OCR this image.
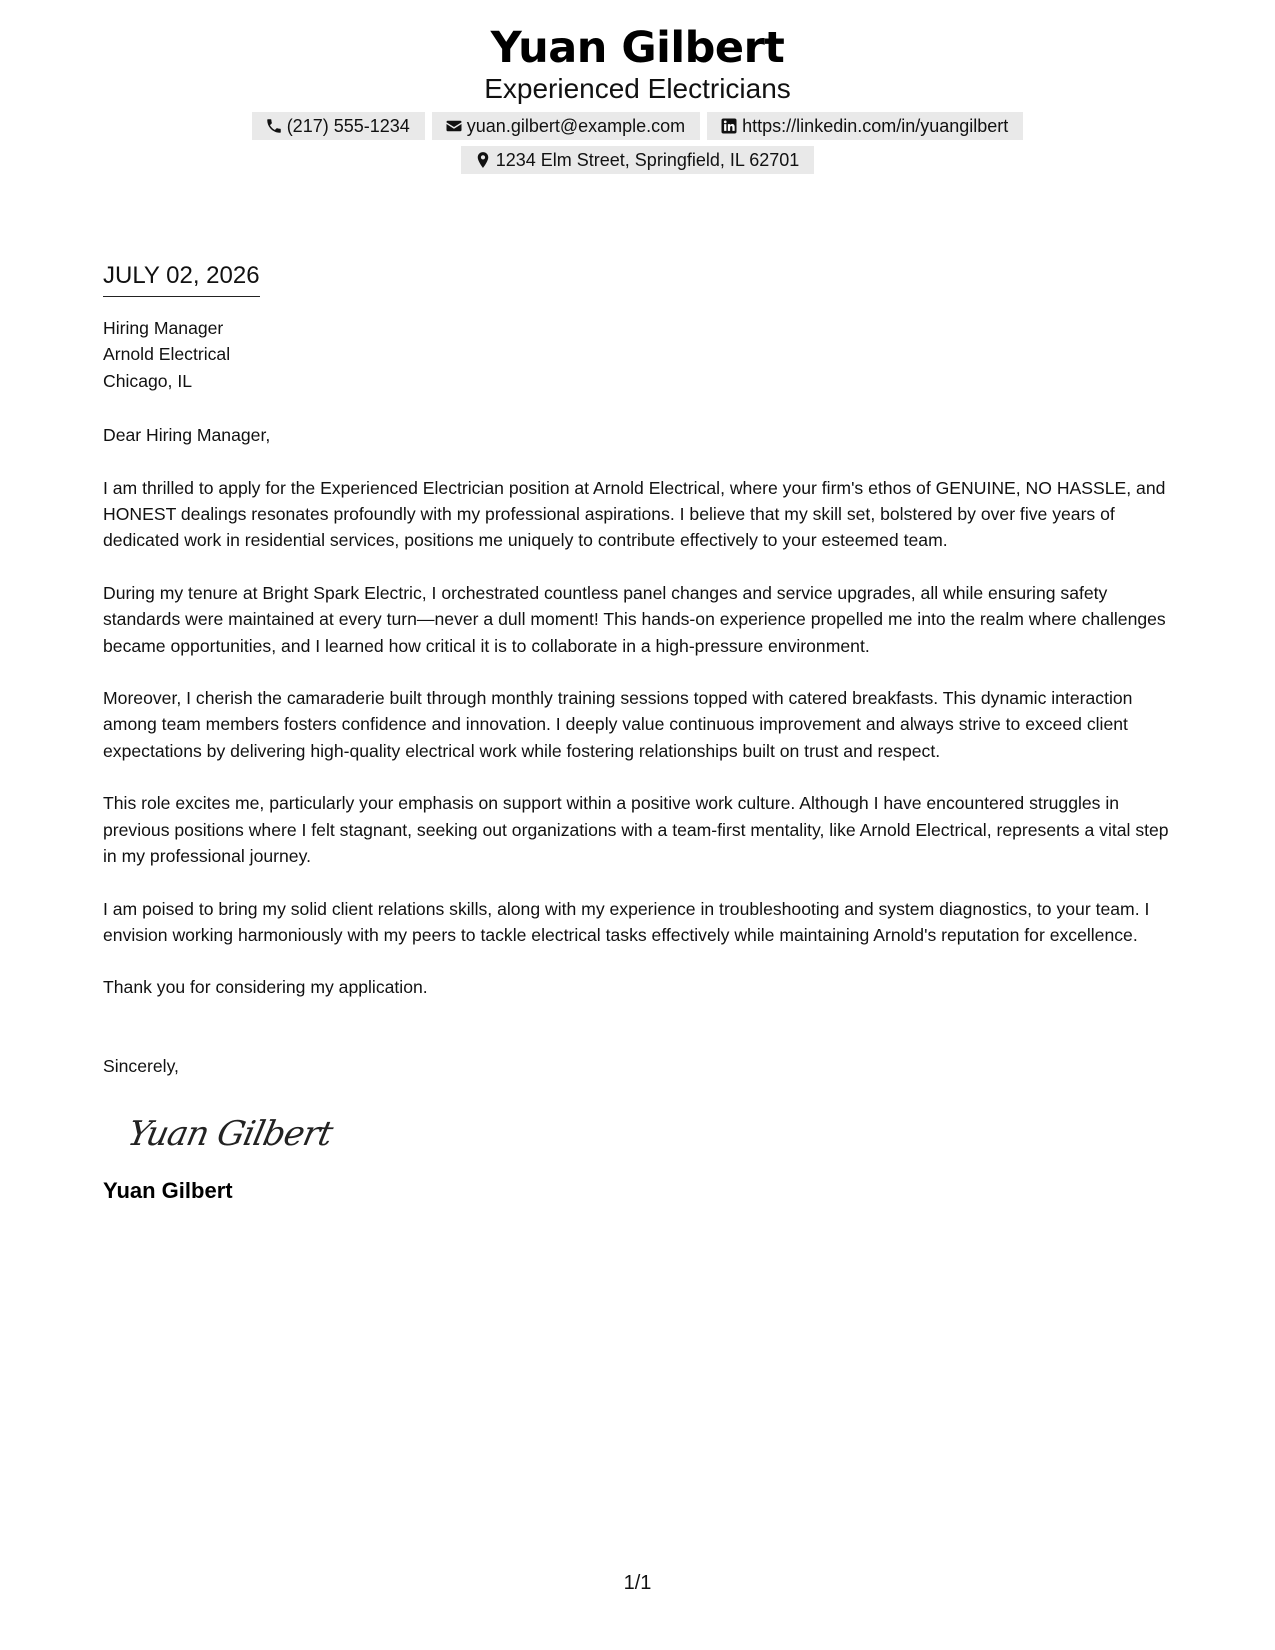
Yuan Gilbert
Experienced Electricians
(217) 555-1234	yuan.gilbert@example.com	https://linkedin.com/in/yuangilbert
1234 Elm Street, Springfield, IL 62701
JULY 02, 2026
Hiring Manager
Arnold Electrical
Chicago, IL
Dear Hiring Manager,
I am thrilled to apply for the Experienced Electrician position at Arnold Electrical, where your firm's ethos of GENUINE, NO HASSLE, and HONEST dealings resonates profoundly with my professional aspirations. I believe that my skill set, bolstered by over five years of dedicated work in residential services, positions me uniquely to contribute effectively to your esteemed team.
During my tenure at Bright Spark Electric, I orchestrated countless panel changes and service upgrades, all while ensuring safety standards were maintained at every turn—never a dull moment! This hands-on experience propelled me into the realm where challenges became opportunities, and I learned how critical it is to collaborate in a high-pressure environment.
Moreover, I cherish the camaraderie built through monthly training sessions topped with catered breakfasts. This dynamic interaction among team members fosters confidence and innovation. I deeply value continuous improvement and always strive to exceed client expectations by delivering high-quality electrical work while fostering relationships built on trust and respect.
This role excites me, particularly your emphasis on support within a positive work culture. Although I have encountered struggles in previous positions where I felt stagnant, seeking out organizations with a team-first mentality, like Arnold Electrical, represents a vital step in my professional journey.
I am poised to bring my solid client relations skills, along with my experience in troubleshooting and system diagnostics, to your team. I envision working harmoniously with my peers to tackle electrical tasks effectively while maintaining Arnold's reputation for excellence.
Thank you for considering my application.
Sincerely,
Yuan Gilbert
Yuan Gilbert
1/1
